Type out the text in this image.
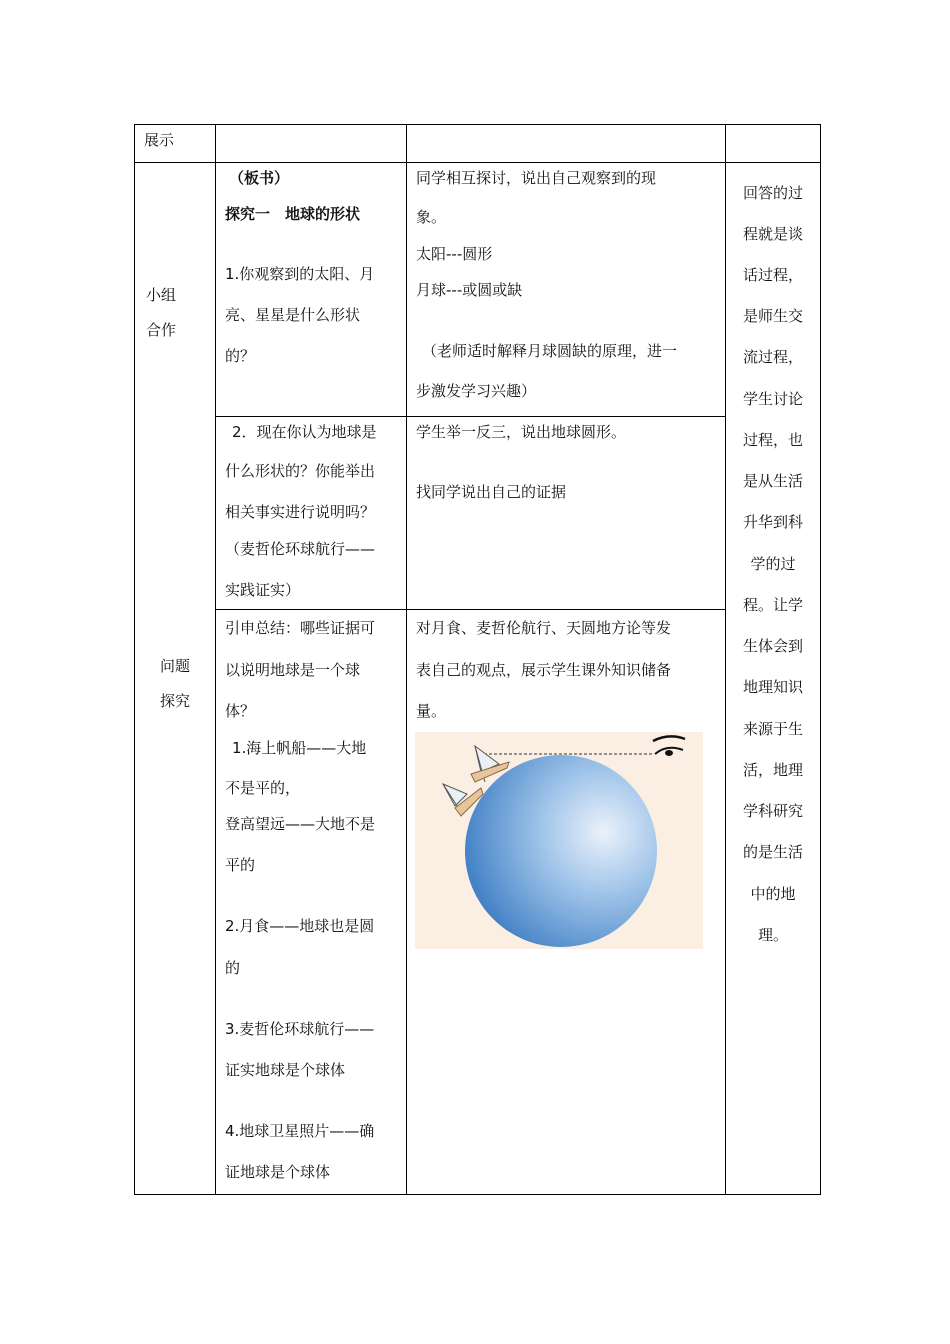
展示
小组
合作
问题
探究
（板书）
探究一　地球的形状
1.你观察到的太阳、月
亮、星星是什么形状
的？
2．现在你认为地球是
什么形状的？你能举出
相关事实进行说明吗？
（麦哲伦环球航行——
实践证实）
引申总结：哪些证据可
以说明地球是一个球
体？
1.海上帆船——大地
不是平的，
登高望远——大地不是
平的
2.月食——地球也是圆
的
3.麦哲伦环球航行——
证实地球是个球体
4.地球卫星照片——确
证地球是个球体
同学相互探讨，说出自己观察到的现
象。
太阳---圆形
月球---或圆或缺
（老师适时解释月球圆缺的原理，进一
步激发学习兴趣）
学生举一反三，说出地球圆形。
找同学说出自己的证据
对月食、麦哲伦航行、天圆地方论等发
表自己的观点，展示学生课外知识储备
量。
回答的过
程就是谈
话过程，
是师生交
流过程，
学生讨论
过程，也
是从生活
升华到科
学的过
程。让学
生体会到
地理知识
来源于生
活，地理
学科研究
的是生活
中的地
理。
